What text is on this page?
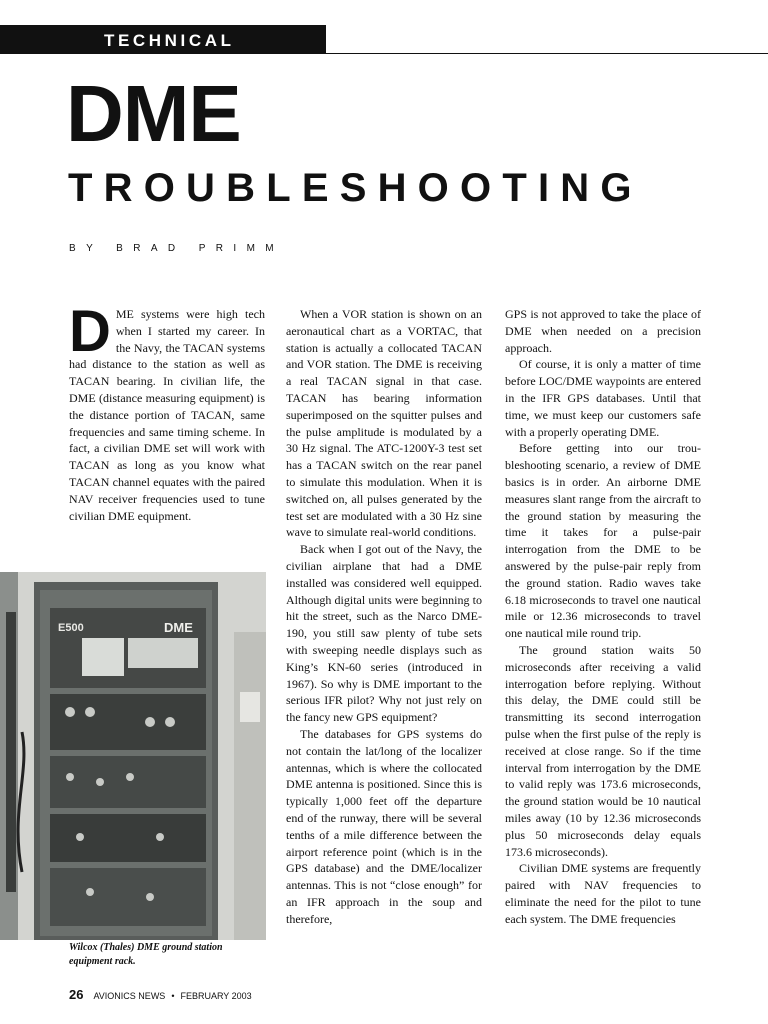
TECHNICAL
DME
TROUBLESHOOTING
BY BRAD PRIMM

DME systems were high tech when I started my career. In the Navy, the TACAN systems had distance to the station as well as TACAN bearing. In civilian life, the DME (distance measuring equipment) is the distance portion of TACAN, same frequencies and same timing scheme. In fact, a civilian DME set will work with TACAN as long as you know what TACAN channel equates with the paired NAV receiver frequencies used to tune civilian DME equipment.

E500	DME
Wilcox (Thales) DME ground station equipment rack.

When a VOR station is shown on an aeronautical chart as a VORTAC, that station is actually a collocated TACAN and VOR station. The DME is receiving a real TACAN signal in that case. TACAN has bearing information superimposed on the squitter pulses and the pulse amplitude is modulated by a 30 Hz signal. The ATC-1200Y-3 test set has a TACAN switch on the rear panel to simulate this modulation. When it is switched on, all pulses generated by the test set are modulated with a 30 Hz sine wave to simulate real-world conditions.

Back when I got out of the Navy, the civilian airplane that had a DME installed was considered well equipped. Although digital units were beginning to hit the street, such as the Narco DME-190, you still saw plenty of tube sets with sweeping needle displays such as King’s KN-60 series (introduced in 1967). So why is DME important to the serious IFR pilot? Why not just rely on the fancy new GPS equipment?

The databases for GPS systems do not contain the lat/long of the localizer antennas, which is where the collocated DME antenna is positioned. Since this is typically 1,000 feet off the departure end of the runway, there will be several tenths of a mile difference between the airport reference point (which is in the GPS database) and the DME/localizer antennas. This is not “close enough” for an IFR approach in the soup and therefore,

GPS is not approved to take the place of DME when needed on a precision approach.

Of course, it is only a matter of time before LOC/DME waypoints are entered in the IFR GPS databases. Until that time, we must keep our customers safe with a properly operating DME.

Before getting into our troubleshooting scenario, a review of DME basics is in order. An airborne DME measures slant range from the aircraft to the ground station by measuring the time it takes for a pulse-pair interrogation from the DME to be answered by the pulse-pair reply from the ground station. Radio waves take 6.18 microseconds to travel one nautical mile or 12.36 microseconds to travel one nautical mile round trip.

The ground station waits 50 microseconds after receiving a valid interrogation before replying. Without this delay, the DME could still be transmitting its second interrogation pulse when the first pulse of the reply is received at close range. So if the time interval from interrogation by the DME to valid reply was 173.6 microseconds, the ground station would be 10 nautical miles away (10 by 12.36 microseconds plus 50 microseconds delay equals 173.6 microseconds).

Civilian DME systems are frequently paired with NAV frequencies to eliminate the need for the pilot to tune each system. The DME frequencies

26 AVIONICS NEWS • FEBRUARY 2003
